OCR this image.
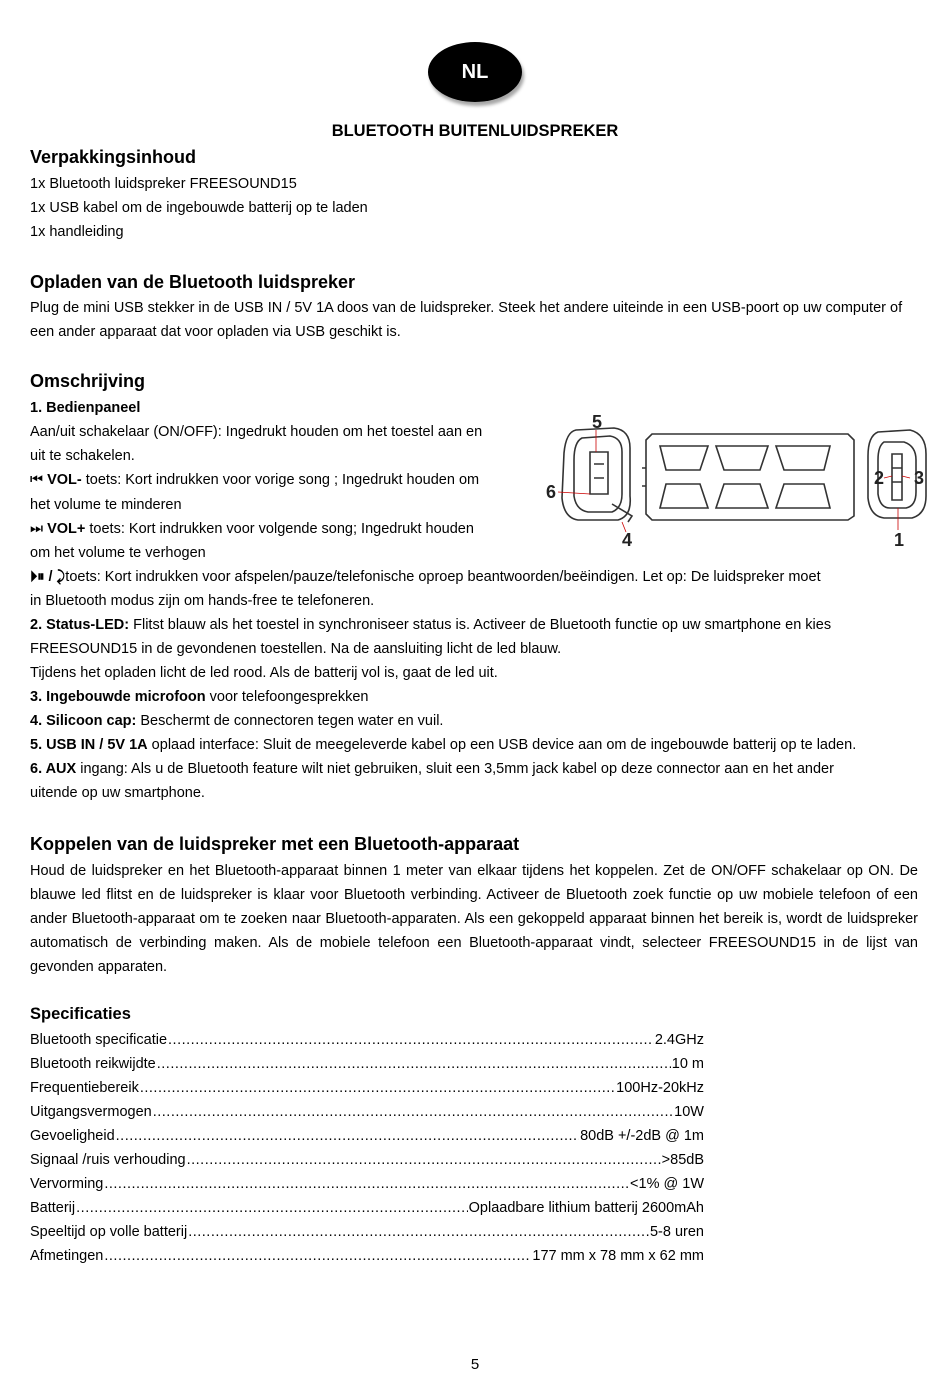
NL
BLUETOOTH BUITENLUIDSPREKER
Verpakkingsinhoud
1x Bluetooth luidspreker FREESOUND15
1x USB kabel om de ingebouwde batterij op te laden
1x handleiding
Opladen van de Bluetooth luidspreker
Plug de mini USB stekker in de USB IN / 5V 1A doos van de luidspreker. Steek het andere uiteinde in een USB-poort op uw computer of een ander apparaat dat voor opladen via USB geschikt is.
Omschrijving
1. Bedienpaneel
Aan/uit schakelaar (ON/OFF): Ingedrukt houden om het toestel aan en
uit te schakelen.
⏮ VOL- toets: Kort indrukken voor vorige song ; Ingedrukt houden om
het volume te minderen
⏭ VOL+ toets: Kort indrukken voor volgende song; Ingedrukt houden
om het volume te verhogen
⏵⏸ / ⤸toets: Kort indrukken voor afspelen/pauze/telefonische oproep beantwoorden/beëindigen. Let op: De luidspreker moet
in Bluetooth modus zijn om hands-free te telefoneren.
2. Status-LED: Flitst blauw als het toestel in synchroniseer status is. Activeer de Bluetooth functie op uw smartphone en kies
FREESOUND15 in de gevondenen toestellen. Na de aansluiting licht de led blauw.
Tijdens het opladen licht de led rood. Als de batterij vol is, gaat de led uit.
3. Ingebouwde microfoon voor telefoongesprekken
4. Silicoon cap: Beschermt de connectoren tegen water en vuil.
5. USB IN / 5V 1A oplaad interface: Sluit de meegeleverde kabel op een USB device aan om de ingebouwde batterij op te laden.
6. AUX ingang: Als u de Bluetooth feature wilt niet gebruiken, sluit een 3,5mm jack kabel op deze connector aan en het ander
uitende op uw smartphone.
5
6
4
2 3
1
Koppelen van de luidspreker met een Bluetooth-apparaat
Houd de luidspreker en het Bluetooth-apparaat binnen 1 meter van elkaar tijdens het koppelen. Zet de ON/OFF schakelaar op ON. De blauwe led flitst en de luidspreker is klaar voor Bluetooth verbinding. Activeer de Bluetooth zoek functie op uw mobiele telefoon of een ander Bluetooth-apparaat om te zoeken naar Bluetooth-apparaten. Als een gekoppeld apparaat binnen het bereik is, wordt de luidspreker automatisch de verbinding maken. Als de mobiele telefoon een Bluetooth-apparaat vindt, selecteer FREESOUND15 in de lijst van gevonden apparaten.
Specificaties
Bluetooth specificatie .....	2.4GHz
Bluetooth reikwijdte .....	10 m
Frequentiebereik .....	100Hz-20kHz
Uitgangsvermogen .....	10W
Gevoeligheid .....	80dB +/-2dB @ 1m
Signaal /ruis verhouding .....	>85dB
Vervorming .....	<1% @ 1W
Batterij .....	Oplaadbare lithium batterij 2600mAh
Speeltijd op volle batterij .....	5-8 uren
Afmetingen .....	177 mm x 78 mm x 62 mm
5
